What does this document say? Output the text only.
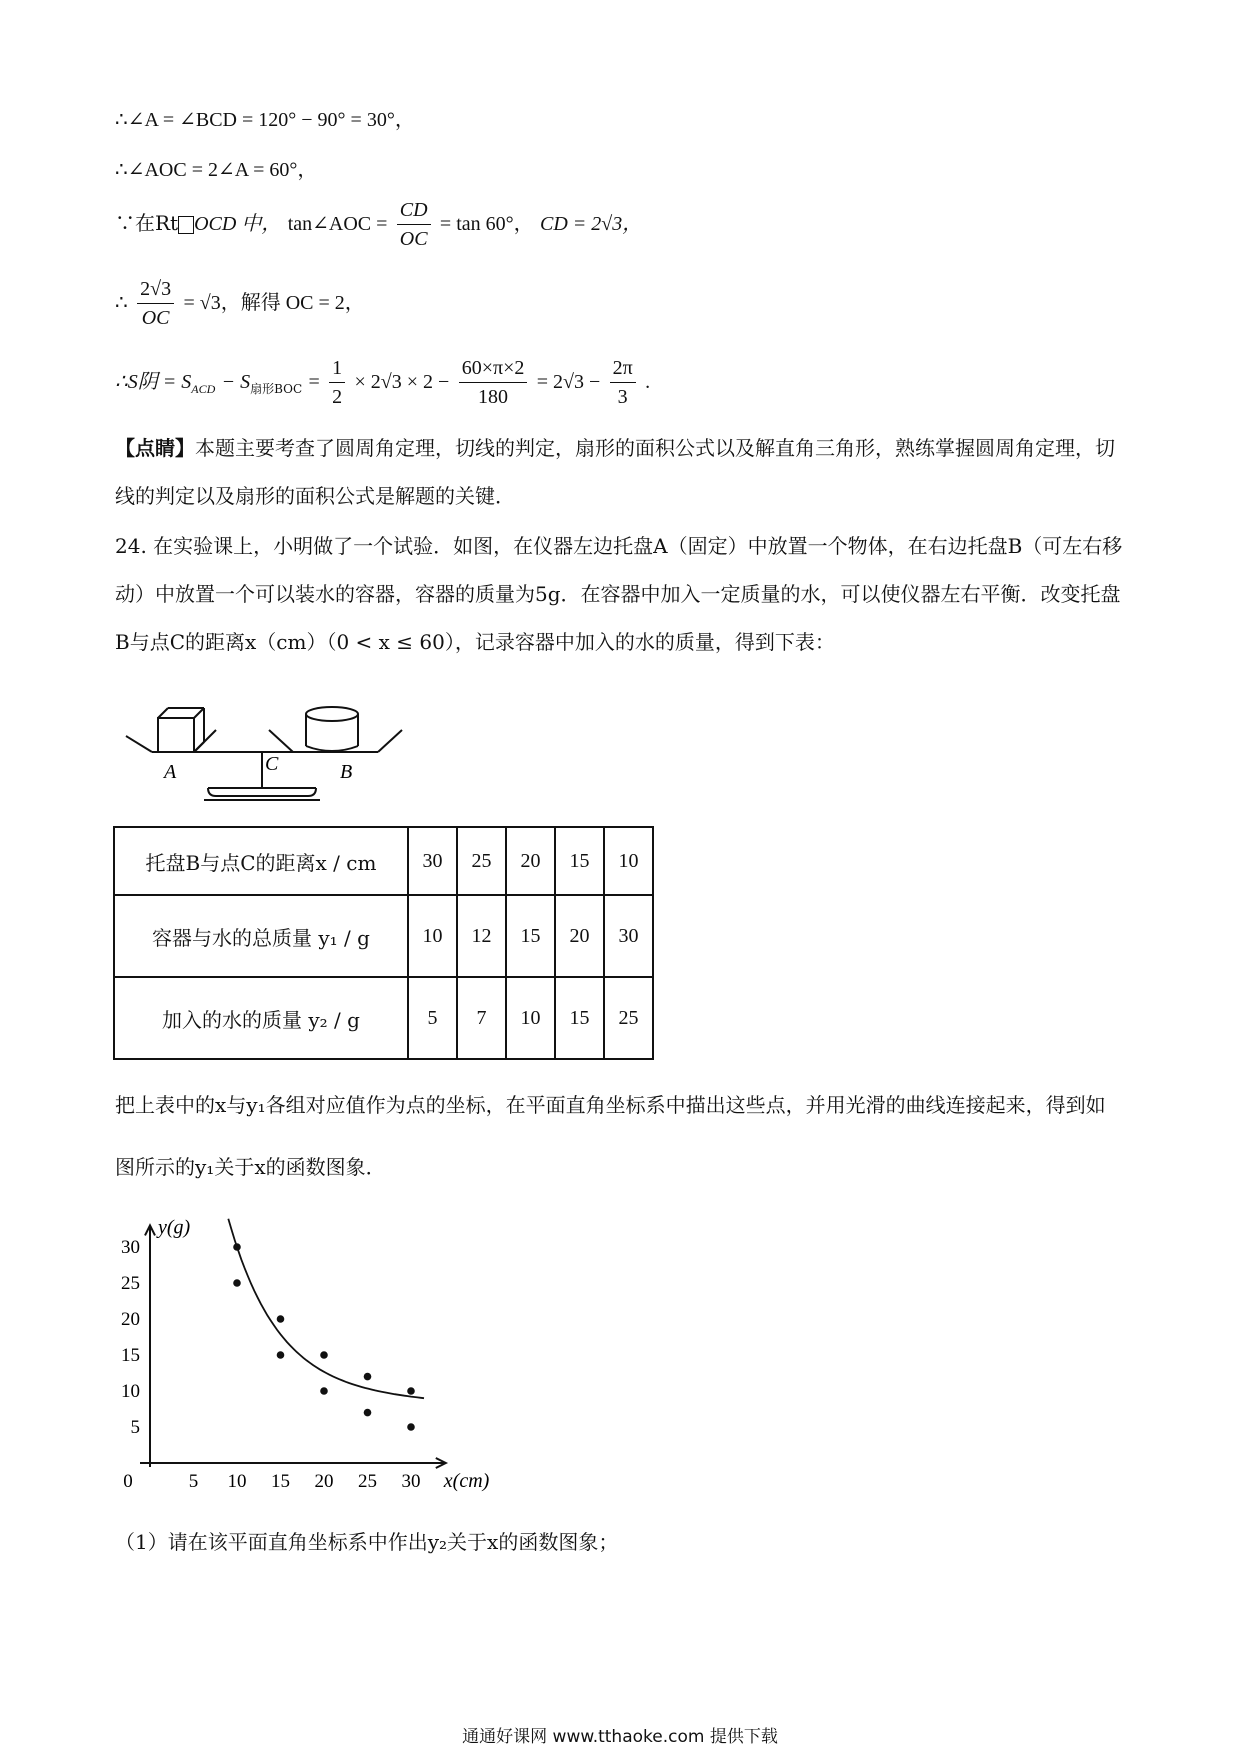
∴∠A = ∠BCD = 120° − 90° = 30°，
∴∠AOC = 2∠A = 60°，
∵在Rt OCD 中， tan∠AOC = $\frac{CD}{OC} = \tan 60^\circ$， CD = 2√3，
∴ $\frac{2√3}{OC} = √3$，解得 OC = 2，
∴S阴 = $S_{ACD} - S_{扇形BOC} = \frac{1}{2} \times 2√3 \times 2 - \frac{60\times\pi\times 2}{180} = 2√3 - \frac{2\pi}{3}$ .
【点睛】本题主要考查了圆周角定理，切线的判定，扇形的面积公式以及解直角三角形，熟练掌握圆周角定理，切线的判定以及扇形的面积公式是解题的关键．
24. 在实验课上，小明做了一个试验．如图，在仪器左边托盘A（固定）中放置一个物体，在右边托盘B（可左右移动）中放置一个可以装水的容器，容器的质量为5g．在容器中加入一定质量的水，可以使仪器左右平衡．改变托盘B与点C的距离x（cm）（0 < x ≤ 60），记录容器中加入的水的质量，得到下表：
A	C	B
托盘B与点C的距离x / cm	30	25	20	15	10
容器与水的总质量 y₁ / g	10	12	15	20	30
加入的水的质量 y₂ / g	5	7	10	15	25
把上表中的x与y₁各组对应值作为点的坐标，在平面直角坐标系中描出这些点，并用光滑的曲线连接起来，得到如图所示的y₁关于x的函数图象．
5 10 15 20 25 30
5
10
15
20
25
30
0	x(cm)
y(g)
（1）请在该平面直角坐标系中作出y₂关于x的函数图象；
通通好课网 www.tthaoke.com 提供下载
